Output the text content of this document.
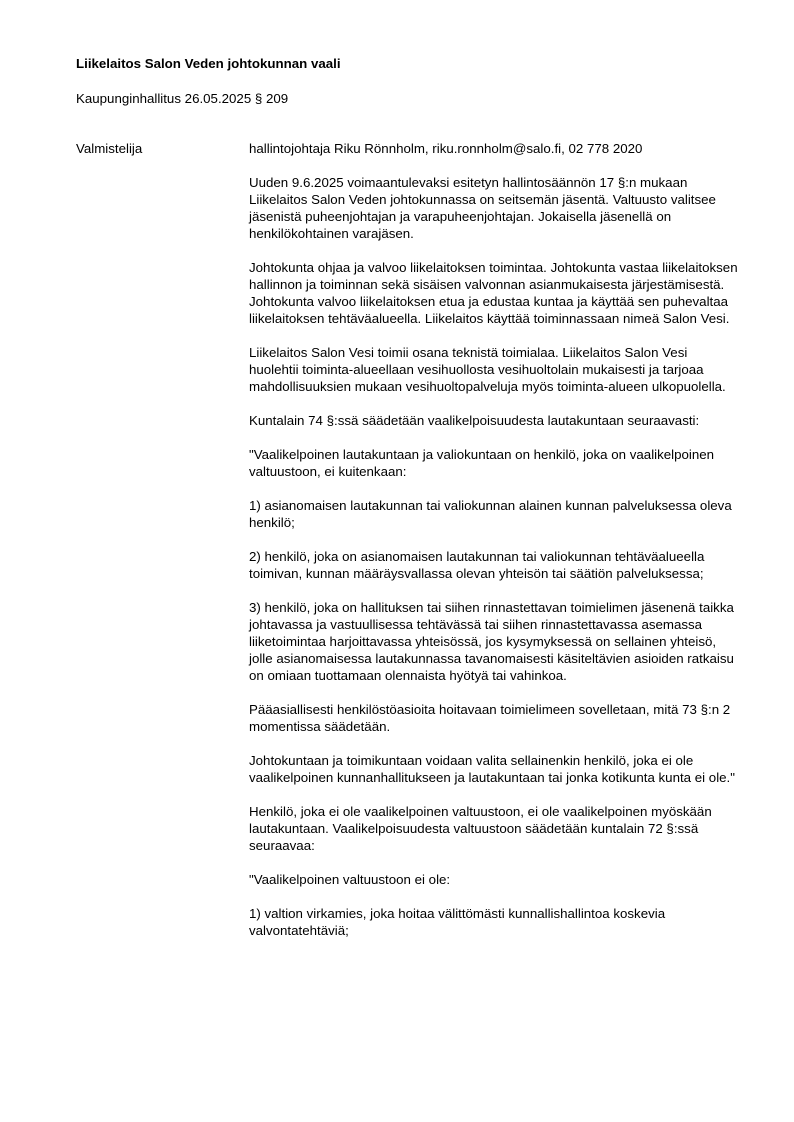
Liikelaitos Salon Veden johtokunnan vaali

Kaupunginhallitus 26.05.2025 § 209

Valmistelija	hallintojohtaja Riku Rönnholm, riku.ronnholm@salo.fi, 02 778 2020

Uuden 9.6.2025 voimaantulevaksi esitetyn hallintosäännön 17 §:n mukaan Liikelaitos Salon Veden johtokunnassa on seitsemän jäsentä. Valtuusto valitsee jäsenistä puheenjohtajan ja varapuheenjohtajan. Jokaisella jäsenellä on henkilökohtainen varajäsen.

Johtokunta ohjaa ja valvoo liikelaitoksen toimintaa. Johtokunta vastaa liikelaitoksen hallinnon ja toiminnan sekä sisäisen valvonnan asianmukaisesta järjestämisestä. Johtokunta valvoo liikelaitoksen etua ja edustaa kuntaa ja käyttää sen puhevaltaa liikelaitoksen tehtäväalueella. Liikelaitos käyttää toiminnassaan nimeä Salon Vesi.

Liikelaitos Salon Vesi toimii osana teknistä toimialaa. Liikelaitos Salon Vesi huolehtii toiminta-alueellaan vesihuollosta vesihuoltolain mukaisesti ja tarjoaa mahdollisuuksien mukaan vesihuoltopalveluja myös toiminta-alueen ulkopuolella.

Kuntalain 74 §:ssä säädetään vaalikelpoisuudesta lautakuntaan seuraavasti:

"Vaalikelpoinen lautakuntaan ja valiokuntaan on henkilö, joka on vaalikelpoinen valtuustoon, ei kuitenkaan:

1) asianomaisen lautakunnan tai valiokunnan alainen kunnan palveluksessa oleva henkilö;

2) henkilö, joka on asianomaisen lautakunnan tai valiokunnan tehtäväalueella toimivan, kunnan määräysvallassa olevan yhteisön tai säätiön palveluksessa;

3) henkilö, joka on hallituksen tai siihen rinnastettavan toimielimen jäsenenä taikka johtavassa ja vastuullisessa tehtävässä tai siihen rinnastettavassa asemassa liiketoimintaa harjoittavassa yhteisössä, jos kysymyksessä on sellainen yhteisö, jolle asianomaisessa lautakunnassa tavanomaisesti käsiteltävien asioiden ratkaisu on omiaan tuottamaan olennaista hyötyä tai vahinkoa.

Pääasiallisesti henkilöstöasioita hoitavaan toimielimeen sovelletaan, mitä 73 §:n 2 momentissa säädetään.

Johtokuntaan ja toimikuntaan voidaan valita sellainenkin henkilö, joka ei ole vaalikelpoinen kunnanhallitukseen ja lautakuntaan tai jonka kotikunta kunta ei ole."

Henkilö, joka ei ole vaalikelpoinen valtuustoon, ei ole vaalikelpoinen myöskään lautakuntaan. Vaalikelpoisuudesta valtuustoon säädetään kuntalain 72 §:ssä seuraavaa:

"Vaalikelpoinen valtuustoon ei ole:

1) valtion virkamies, joka hoitaa välittömästi kunnallishallintoa koskevia valvontatehtäviä;
